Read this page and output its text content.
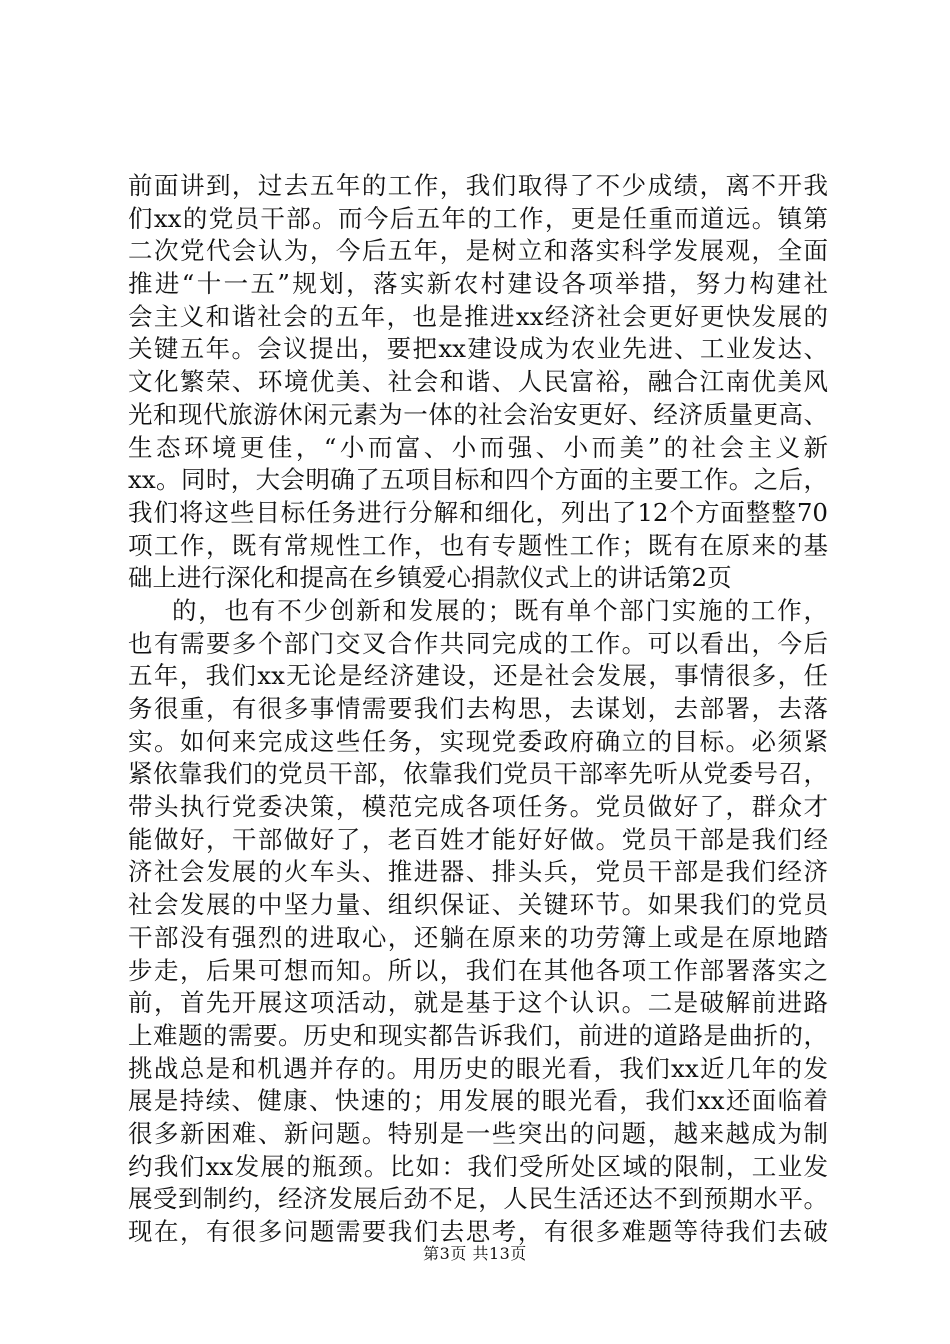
前面讲到，过去五年的工作，我们取得了不少成绩，离不开我
们xx的党员干部。而今后五年的工作，更是任重而道远。镇第
二次党代会认为，今后五年，是树立和落实科学发展观，全面
推进“十一五”规划，落实新农村建设各项举措，努力构建社
会主义和谐社会的五年，也是推进xx经济社会更好更快发展的
关键五年。会议提出，要把xx建设成为农业先进、工业发达、
文化繁荣、环境优美、社会和谐、人民富裕，融合江南优美风
光和现代旅游休闲元素为一体的社会治安更好、经济质量更高、
生态环境更佳，“小而富、小而强、小而美”的社会主义新
xx。同时，大会明确了五项目标和四个方面的主要工作。之后，
我们将这些目标任务进行分解和细化，列出了12个方面整整70
项工作，既有常规性工作，也有专题性工作；既有在原来的基
础上进行深化和提高在乡镇爱心捐款仪式上的讲话第2页
的，也有不少创新和发展的；既有单个部门实施的工作，
也有需要多个部门交叉合作共同完成的工作。可以看出，今后
五年，我们xx无论是经济建设，还是社会发展，事情很多，任
务很重，有很多事情需要我们去构思，去谋划，去部署，去落
实。如何来完成这些任务，实现党委政府确立的目标。必须紧
紧依靠我们的党员干部，依靠我们党员干部率先听从党委号召，
带头执行党委决策，模范完成各项任务。党员做好了，群众才
能做好，干部做好了，老百姓才能好好做。党员干部是我们经
济社会发展的火车头、推进器、排头兵，党员干部是我们经济
社会发展的中坚力量、组织保证、关键环节。如果我们的党员
干部没有强烈的进取心，还躺在原来的功劳簿上或是在原地踏
步走，后果可想而知。所以，我们在其他各项工作部署落实之
前，首先开展这项活动，就是基于这个认识。二是破解前进路
上难题的需要。历史和现实都告诉我们，前进的道路是曲折的，
挑战总是和机遇并存的。用历史的眼光看，我们xx近几年的发
展是持续、健康、快速的；用发展的眼光看，我们xx还面临着
很多新困难、新问题。特别是一些突出的问题，越来越成为制
约我们xx发展的瓶颈。比如：我们受所处区域的限制，工业发
展受到制约，经济发展后劲不足，人民生活还达不到预期水平。
现在，有很多问题需要我们去思考，有很多难题等待我们去破
第3页 共13页
